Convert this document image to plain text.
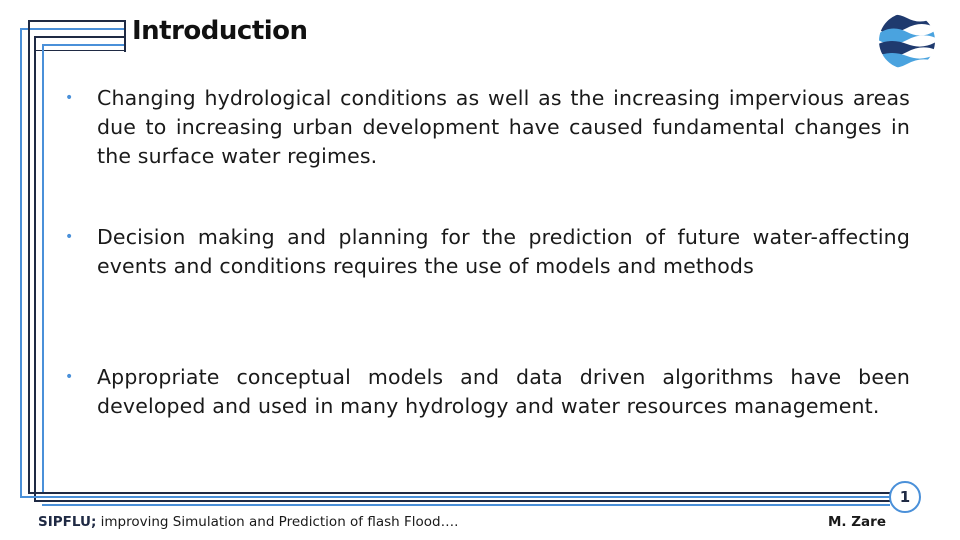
Introduction
•	Changing hydrological conditions as well as the increasing impervious areas due to increasing urban development have caused fundamental changes in the surface water regimes.
•	Decision making and planning for the prediction of future water-affecting events and conditions requires the use of models and methods
•	Appropriate conceptual models and data driven algorithms have been developed and used in many hydrology and water resources management.
SIPFLU; improving Simulation and Prediction of flash Flood….	M. Zare
1
